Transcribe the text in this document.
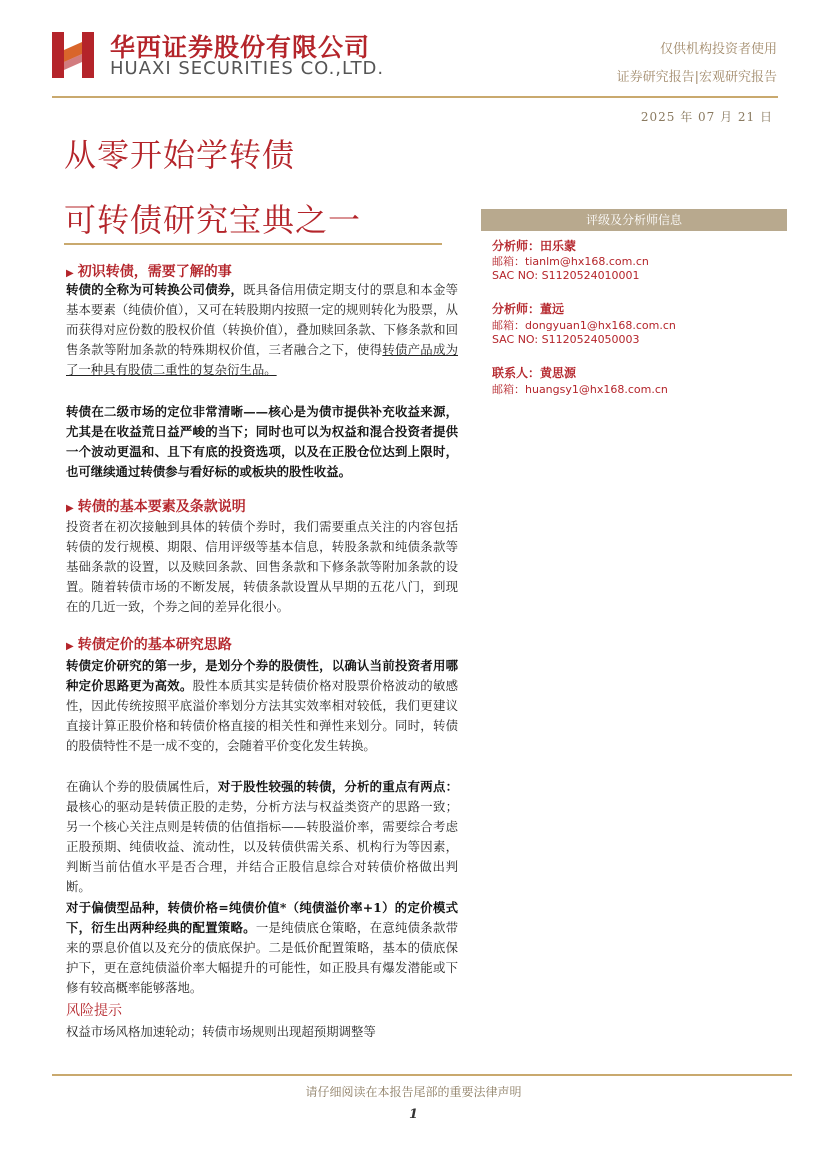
华西证券股份有限公司
HUAXI SECURITIES CO.,LTD.
仅供机构投资者使用
证券研究报告|宏观研究报告
2025 年 07 月 21 日
从零开始学转债
可转债研究宝典之一	评级及分析师信息
分析师：田乐蒙
邮箱：tianlm@hx168.com.cn
SAC NO: S1120524010001
分析师：董远
邮箱：dongyuan1@hx168.com.cn
SAC NO: S1120524050003
联系人：黄思源
邮箱：huangsy1@hx168.com.cn
▶ 初识转债，需要了解的事
转债的全称为可转换公司债券，既具备信用债定期支付的票息和本金等基本要素（纯债价值），又可在转股期内按照一定的规则转化为股票，从而获得对应份数的股权价值（转换价值），叠加赎回条款、下修条款和回售条款等附加条款的特殊期权价值，三者融合之下，使得转债产品成为了一种具有股债二重性的复杂衍生品。
转债在二级市场的定位非常清晰——核心是为债市提供补充收益来源，尤其是在收益荒日益严峻的当下；同时也可以为权益和混合投资者提供一个波动更温和、且下有底的投资选项，以及在正股仓位达到上限时，也可继续通过转债参与看好标的或板块的股性收益。
▶ 转债的基本要素及条款说明
投资者在初次接触到具体的转债个券时，我们需要重点关注的内容包括转债的发行规模、期限、信用评级等基本信息，转股条款和纯债条款等基础条款的设置，以及赎回条款、回售条款和下修条款等附加条款的设置。随着转债市场的不断发展，转债条款设置从早期的五花八门，到现在的几近一致，个券之间的差异化很小。
▶ 转债定价的基本研究思路
转债定价研究的第一步，是划分个券的股债性，以确认当前投资者用哪种定价思路更为高效。股性本质其实是转债价格对股票价格波动的敏感性，因此传统按照平底溢价率划分方法其实效率相对较低，我们更建议直接计算正股价格和转债价格直接的相关性和弹性来划分。同时，转债的股债特性不是一成不变的，会随着平价变化发生转换。
在确认个券的股债属性后，对于股性较强的转债，分析的重点有两点：最核心的驱动是转债正股的走势，分析方法与权益类资产的思路一致；另一个核心关注点则是转债的估值指标——转股溢价率，需要综合考虑正股预期、纯债收益、流动性，以及转债供需关系、机构行为等因素，判断当前估值水平是否合理，并结合正股信息综合对转债价格做出判断。
对于偏债型品种，转债价格=纯债价值*（纯债溢价率+1）的定价模式下，衍生出两种经典的配置策略。一是纯债底仓策略，在意纯债条款带来的票息价值以及充分的债底保护。二是低价配置策略，基本的债底保护下，更在意纯债溢价率大幅提升的可能性，如正股具有爆发潜能或下修有较高概率能够落地。
风险提示
权益市场风格加速轮动；转债市场规则出现超预期调整等
请仔细阅读在本报告尾部的重要法律声明
1
